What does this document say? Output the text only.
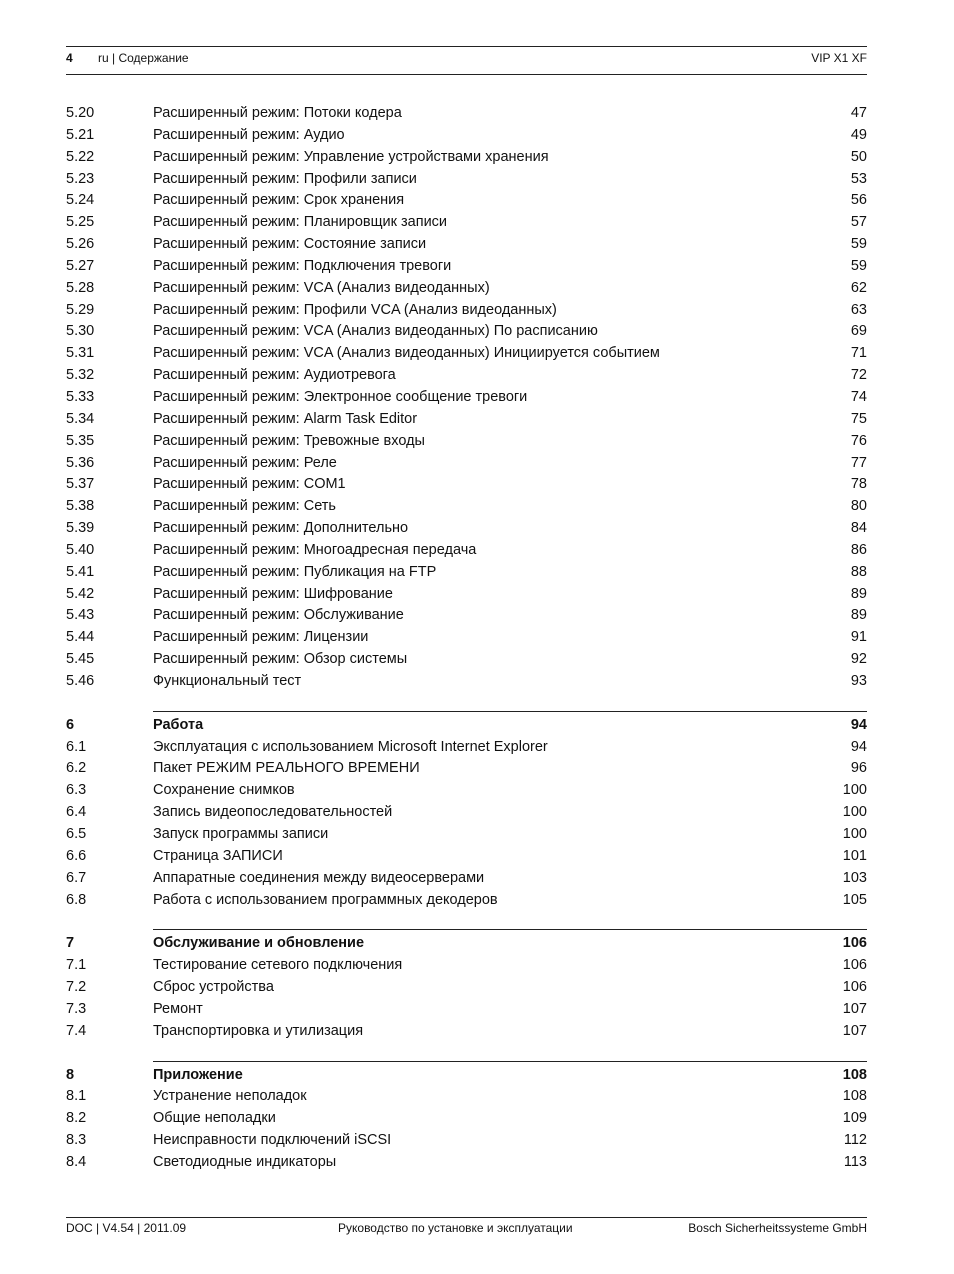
4 ru | Содержание	VIP X1 XF
5.20	Расширенный режим: Потоки кодера	47
5.21	Расширенный режим: Аудио	49
5.22	Расширенный режим: Управление устройствами хранения	50
5.23	Расширенный режим: Профили записи	53
5.24	Расширенный режим: Срок хранения	56
5.25	Расширенный режим: Планировщик записи	57
5.26	Расширенный режим: Состояние записи	59
5.27	Расширенный режим: Подключения тревоги	59
5.28	Расширенный режим: VCA (Анализ видеоданных)	62
5.29	Расширенный режим: Профили VCA (Анализ видеоданных)	63
5.30	Расширенный режим: VCA (Анализ видеоданных) По расписанию	69
5.31	Расширенный режим: VCA (Анализ видеоданных) Инициируется событием	71
5.32	Расширенный режим: Аудиотревога	72
5.33	Расширенный режим: Электронное сообщение тревоги	74
5.34	Расширенный режим: Alarm Task Editor	75
5.35	Расширенный режим: Тревожные входы	76
5.36	Расширенный режим: Реле	77
5.37	Расширенный режим: COM1	78
5.38	Расширенный режим: Сеть	80
5.39	Расширенный режим: Дополнительно	84
5.40	Расширенный режим: Многоадресная передача	86
5.41	Расширенный режим: Публикация на FTP	88
5.42	Расширенный режим: Шифрование	89
5.43	Расширенный режим: Обслуживание	89
5.44	Расширенный режим: Лицензии	91
5.45	Расширенный режим: Обзор системы	92
5.46	Функциональный тест	93
6	Работа	94
6.1	Эксплуатация с использованием Microsoft Internet Explorer	94
6.2	Пакет РЕЖИМ РЕАЛЬНОГО ВРЕМЕНИ	96
6.3	Сохранение снимков	100
6.4	Запись видеопоследовательностей	100
6.5	Запуск программы записи	100
6.6	Страница ЗАПИСИ	101
6.7	Аппаратные соединения между видеосерверами	103
6.8	Работа с использованием программных декодеров	105
7	Обслуживание и обновление	106
7.1	Тестирование сетевого подключения	106
7.2	Сброс устройства	106
7.3	Ремонт	107
7.4	Транспортировка и утилизация	107
8	Приложение	108
8.1	Устранение неполадок	108
8.2	Общие неполадки	109
8.3	Неисправности подключений iSCSI	112
8.4	Светодиодные индикаторы	113
DOC | V4.54 | 2011.09	Руководство по установке и эксплуатации	Bosch Sicherheitssysteme GmbH
